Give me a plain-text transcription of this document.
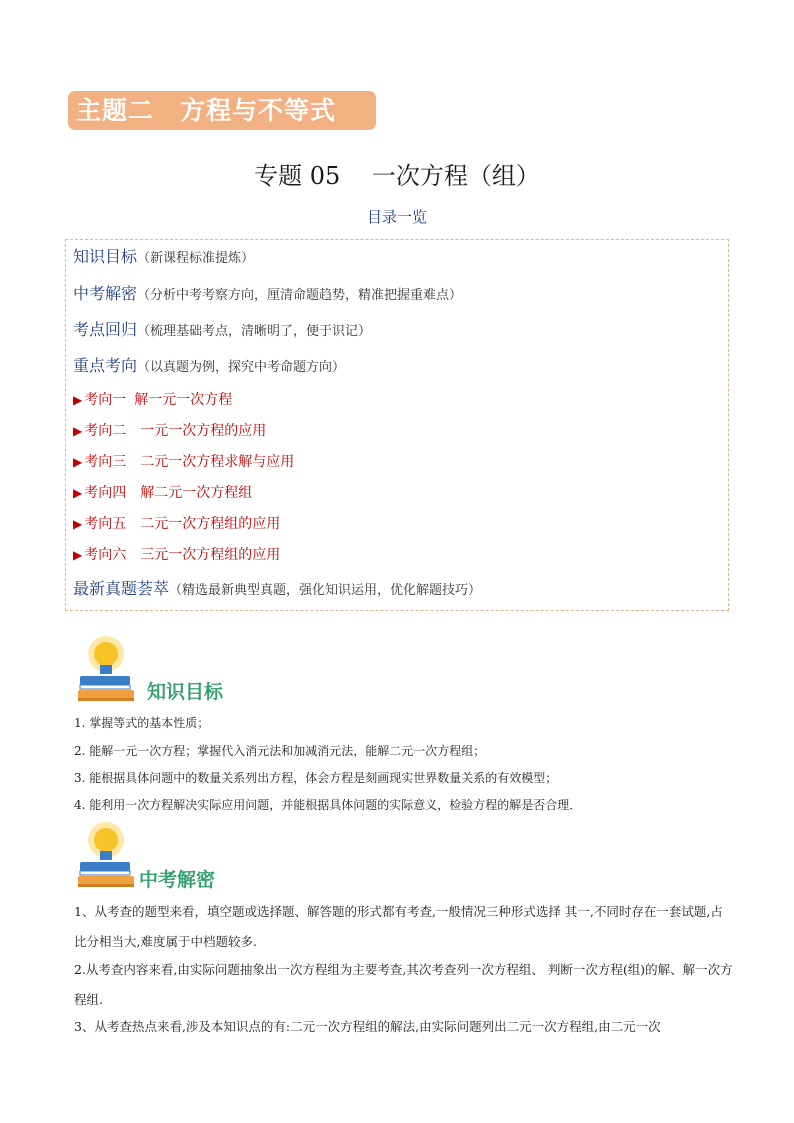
主题二　方程与不等式
专题 05　 一次方程（组）
目录一览
知识目标（新课程标准提炼）
中考解密（分析中考考察方向，厘清命题趋势，精准把握重难点）
考点回归（梳理基础考点，清晰明了，便于识记）
重点考向（以真题为例，探究中考命题方向）
▶ 考向一 解一元一次方程
▶ 考向二 一元一次方程的应用
▶ 考向三 二元一次方程求解与应用
▶ 考向四 解二元一次方程组
▶ 考向五 二元一次方程组的应用
▶ 考向六 三元一次方程组的应用
最新真题荟萃（精选最新典型真题，强化知识运用，优化解题技巧）
知识目标
1. 掌握等式的基本性质；
2. 能解一元一次方程；掌握代入消元法和加减消元法，能解二元一次方程组；
3. 能根据具体问题中的数量关系列出方程，体会方程是刻画现实世界数量关系的有效模型；
4. 能利用一次方程解决实际应用问题，并能根据具体问题的实际意义，检验方程的解是否合理．
中考解密
1、从考查的题型来看，填空题或选择题、解答题的形式都有考查,一般情况三种形式选择 其一,不同时存在一套试题,占比分相当大,难度属于中档题较多.
2.从考查内容来看,由实际问题抽象出一次方程组为主要考查,其次考查列一次方程组、 判断一次方程(组)的解、解一次方程组.
3、从考查热点来看,涉及本知识点的有:二元一次方程组的解法,由实际问题列出二元一次方程组,由二元一次
